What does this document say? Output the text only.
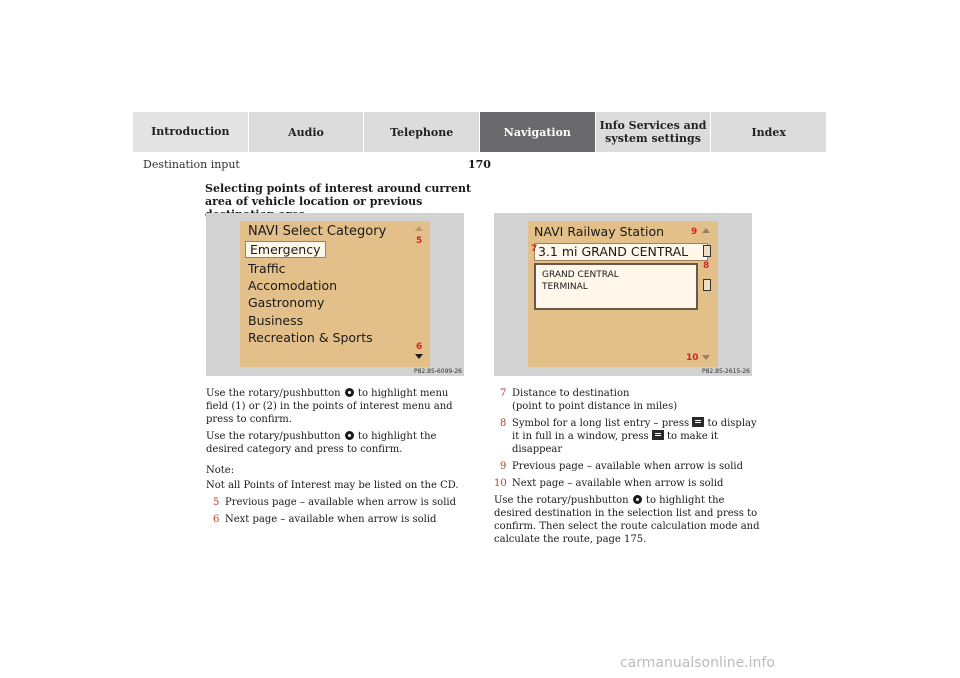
Introduction	Audio	Telephone	Navigation	Info Services and
system settings	Index
Destination input	170
Selecting points of interest around current area of vehicle location or previous
NAVI Select Category
Emergency
Traffic
Accomodation
Gastronomy
Business
Recreation & Sports
5
6
P82.85-6099-26
NAVI Railway Station
3.1 mi GRAND CENTRAL
GRAND CENTRAL
TERMINAL
7
8
9
10
P82.85-2615-26

Use the rotary/pushbutton to highlight menu field (1) or (2) in the points of interest menu and press to confirm.

Use the rotary/pushbutton to highlight the desired category and press to confirm.

Note:

Not all Points of Interest may be listed on the CD.

5 Previous page – available when arrow is solid
6 Next page – available when arrow is solid
7 Distance to destination
(point to point distance in miles)
8 Symbol for a long list entry – press to display it in full in a window, press to make it disappear
9 Previous page – available when arrow is solid
10 Next page – available when arrow is solid

Use the rotary/pushbutton to highlight the desired destination in the selection list and press to confirm. Then select the route calculation mode and calculate the route, page 175.

carmanualsonline.info
